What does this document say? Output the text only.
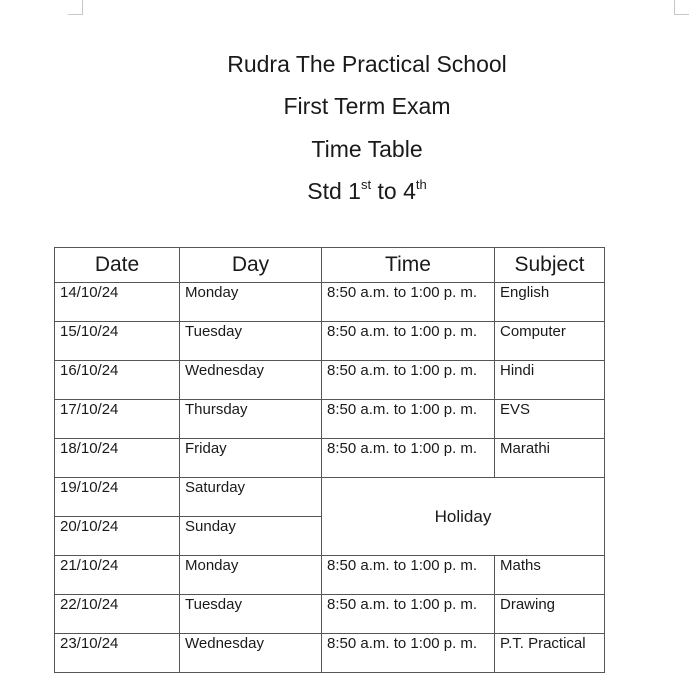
Rudra The Practical School
First Term Exam
Time Table
Std 1st to 4th
Date	Day	Time	Subject
14/10/24	Monday	8:50 a.m. to 1:00 p. m.	English
15/10/24	Tuesday	8:50 a.m. to 1:00 p. m.	Computer
16/10/24	Wednesday	8:50 a.m. to 1:00 p. m.	Hindi
17/10/24	Thursday	8:50 a.m. to 1:00 p. m.	EVS
18/10/24	Friday	8:50 a.m. to 1:00 p. m.	Marathi
19/10/24	Saturday	Holiday	
20/10/24	Sunday		
21/10/24	Monday	8:50 a.m. to 1:00 p. m.	Maths
22/10/24	Tuesday	8:50 a.m. to 1:00 p. m.	Drawing
23/10/24	Wednesday	8:50 a.m. to 1:00 p. m.	P.T. Practical
